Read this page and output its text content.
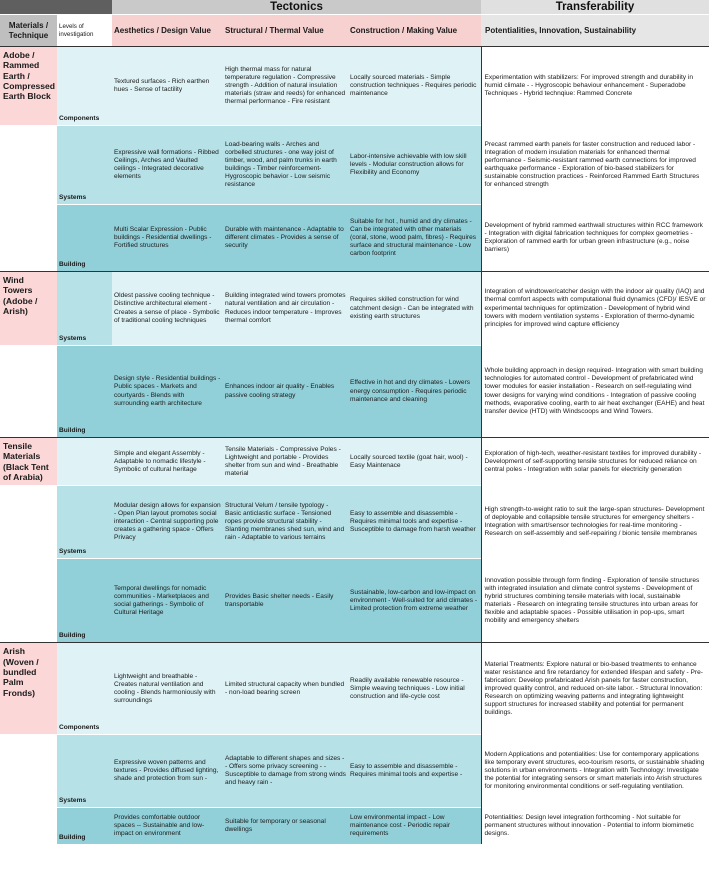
		Tectonics			Transferability
Materials / Technique	Levels of investigation	Aesthetics / Design Value	Structural / Thermal Value	Construction / Making Value	Potentialities, Innovation, Sustainability
Adobe / Rammed Earth / Compressed Earth Block	Components	Textured surfaces - Rich earthen hues - Sense of tactility	High thermal mass for natural temperature regulation - Compressive strength - Addition of natural insulation materials (straw and reeds) for enhanced thermal performance - Fire resistant	Locally sourced materials - Simple construction techniques - Requires periodic maintenance	Experimentation with stabilizers: For improved strength and durability in humid climate - - Hygroscopic behaviour enhancement - Superadobe Techniques - Hybrid technqiue: Rammed Concrete
	Systems	Expressive wall formations - Ribbed Ceilings, Arches and Vaulted ceilings - Integrated decorative elements	Load-bearing walls - Arches and corbelled structures - one way joist of timber, wood, and palm trunks in earth buildings - Timber reinforcement- Hygroscopic behavior - Low seismic resistance	Labor-intensive achievable with low skill levels - Modular construction allows for Flexibility and Economy	Precast rammed earth panels for faster construction and reduced labor - Integration of modern insulation materials for enhanced thermal performance - Seismic-resistant rammed earth connections for improved earthquake performance - Exploration of bio-based stabilizers for sustainable construction practices - Reinforced Rammed Earth Structures for enhanced strength
	Building	Multi Scalar Expression - Public buildings - Residential dwellings - Fortified structures	Durable with maintenance - Adaptable to different climates - Provides a sense of security	Suitable for hot , humid and dry climates - Can be integrated with other materials (coral, stone, wood palm, fibres) - Requires surface and structural maintenance - Low carbon footprint	Development of hybrid rammed earthwall structures within RCC framework - Integration with digital fabrication techniques for complex geometries - Exploration of rammed earth for urban green infrastructure (e.g., noise barriers)
Wind Towers (Adobe / Arish)	Systems	Oldest passive cooling technique - Distinctive architectural element - Creates a sense of place - Symbolic of traditional cooling techniques	Building integrated wind towers promotes natural ventilation and air circulation - Reduces indoor temperature - Improves thermal comfort	Requires skilled construction for wind catchment design - Can be integrated with existing earth structures	Integration of windtower/catcher design with the indoor air quality (IAQ) and thermal comfort aspects with computational fluid dynamics (CFD)/ IESVE or experimental techniques for optimization - Development of hybrid wind towers with modern ventilation systems - Exploration of thermo-dynamic principles for improved wind capture efficiency
	Building	Design style - Residential buildings - Public spaces - Markets and courtyards - Blends with surrounding earth architecture	Enhances indoor air quality - Enables passive cooling strategy	Effective in hot and dry climates - Lowers energy consumption - Requires periodic maintenance and cleaning	Whole building approach in design required- Integration with smart building technologies for automated control - Development of prefabricated wind tower modules for easier installation - Research on self-regulating wind tower designs for varying wind conditions - Integration of passive cooling methods, evaporative cooling, earth to air heat exchanger (EAHE) and heat transfer device (HTD) with Windscoops and Wind Towers.
Tensile Materials (Black Tent of Arabia)		Simple and elegant Assembly - Adaptable to nomadic lifestyle - Symbolic of cultural heritage	Tensile Materials - Compressive Poles - Lightweight and portable - Provides shelter from sun and wind - Breathable material	Locally sourced textile (goat hair, wool) - Easy Maintenace	Exploration of high-tech, weather-resistant textiles for improved durability - Development of self-supporting tensile structures for reduced reliance on central poles - Integration with solar panels for electricity generation
	Systems	Modular design allows for expansion - Open Plan layout promotes social interaction - Central supporting pole creates a gathering space - Offers Privacy	Structural Velum / tensile typology - Basic anticlastic surface - Tensioned ropes provide structural stability - Slanting membranes shed sun, wind and rain - Adaptable to various terrains	Easy to assemble and disassemble - Requires minimal tools and expertise - Susceptible to damage from harsh weather	High strength-to-weight ratio to suit the large-span structures- Development of deployable and collapsible tensile structures for emergency shelters - Integration with smart/sensor technologies for real-time monitoring - Research on self-assembly and self-repairing / bionic tensile membranes
	Building	Temporal dwellings for nomadic communities - Marketplaces and social gatherings - Symbolic of Cultural Heritage	Provides Basic shelter needs - Easily transportable	Sustainable, low-carbon and low-impact on environment - Well-suited for arid climates - Limited protection from extreme weather	Innovation possible through form finding - Exploration of tensile structures with integrated insulation and climate control systems - Development of hybrid structures combining tensile materials with local, sustainable materials - Research on integrating tensile structures into urban areas for flexible and adaptable spaces - Possible utilisation in pop-ups, smart mobility and emergency shelters
Arish (Woven / bundled Palm Fronds)	Components	Lightweight and breathable - Creates natural ventilation and cooling - Blends harmoniously with surroundings	Limited structural capacity when bundled - non-load bearing screen	Readily available renewable resource - Simple weaving techniques - Low initial construction and life-cycle cost	Material Treatments: Explore natural or bio-based treatments to enhance water resistance and fire retardancy for extended lifespan and safety - Pre-fabrication: Develop prefabricated Arish panels for faster construction, improved quality control, and reduced on-site labor. - Structural Innovation: Research on optimizing weaving patterns and integrating lightweight support structures for increased stability and potential for permanent buildings.
	Systems	Expressive woven patterns and textures - Provides diffused lighting, shade and protection from sun -	Adaptable to different shapes and sizes - - Offers some privacy screening - - Susceptible to damage from strong winds and heavy rain -	Easy to assemble and disassemble - Requires minimal tools and expertise -	Modern Applications and potentialities: Use for contemporary applications like temporary event structures, eco-tourism resorts, or sustainable shading solutions in urban environments - Integration with Technology: Investigate the potential for integrating sensors or smart materials into Arish structures for monitoring environmental conditions or self-regulating ventilation.
	Building	Provides comfortable outdoor spaces -- Sustainable and low-impact on environment	Suitable for temporary or seasonal dwellings	Low environmental impact - Low maintenance cost - Periodic repair requirements	Potentialities: Design level integration forthcoming - Not suitable for permanent structures without innovation - Potential to inform biomimetic designs.
